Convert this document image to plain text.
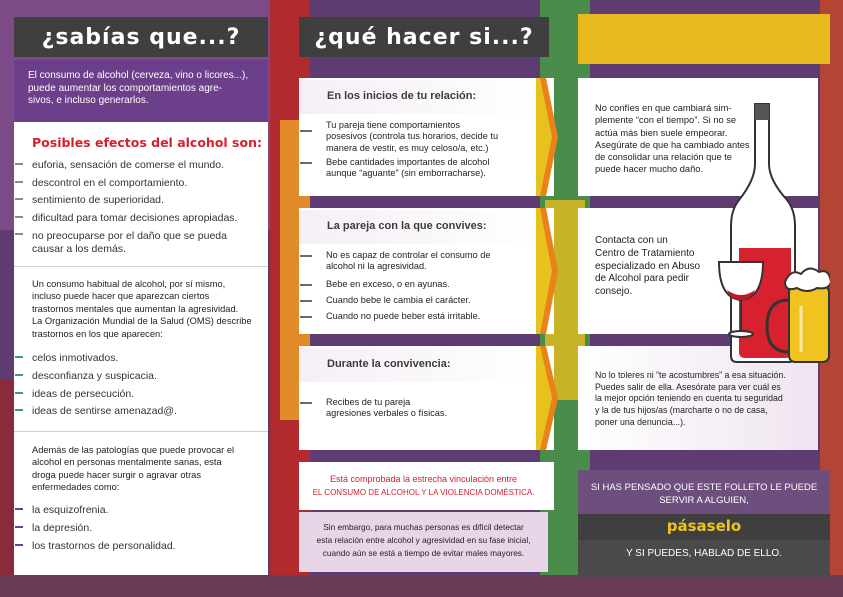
¿sabías que...?
El consumo de alcohol (cerveza, vino o licores...),
puede aumentar los comportamientos agre-
sivos, e incluso generarlos.
Posibles efectos del alcohol son:
euforia, sensación de comerse el mundo.
descontrol en el comportamiento.
sentimiento de superioridad.
dificultad para tomar decisiones apropiadas.
no preocuparse por el daño que se pueda
causar a los demás.
Un consumo habitual de alcohol, por sí mismo,
incluso puede hacer que aparezcan ciertos
trastornos mentales que aumentan la agresividad.
La Organización Mundial de la Salud (OMS) describe
trastornos en los que aparecen:
celos inmotivados.
desconfianza y suspicacia.
ideas de persecución.
ideas de sentirse amenazad@.
Además de las patologías que puede provocar el
alcohol en personas mentalmente sanas, esta
droga puede hacer surgir o agravar otras
enfermedades como:
la esquizofrenia.
la depresión.
los trastornos de personalidad.
¿qué hacer si...?
En los inicios de tu relación:
Tu pareja tiene comportamientos
posesivos (controla tus horarios, decide tu
manera de vestir, es muy celoso/a, etc.)
Bebe cantidades importantes de alcohol
aunque “aguante” (sin emborracharse).
La pareja con la que convives:
No es capaz de controlar el consumo de
alcohol ni la agresividad.
Bebe en exceso, o en ayunas.
Cuando bebe le cambia el carácter.
Cuando no puede beber está irritable.
Durante la convivencia:
Recibes de tu pareja
agresiones verbales o físicas.
Está comprobada la estrecha vinculación entre
EL CONSUMO DE ALCOHOL Y LA VIOLENCIA DOMÉSTICA.
Sin embargo, para muchas personas es difícil detectar
esta relación entre alcohol y agresividad en su fase inicial,
cuando aún se está a tiempo de evitar males mayores.
No confíes en que cambiará sim-
plemente “con el tiempo”. Si no se
actúa más bien suele empeorar.
Asegúrate de que ha cambiado antes
de consolidar una relación que te
puede hacer mucho daño.
Contacta con un
Centro de Tratamiento
especializado en Abuso
de Alcohol para pedir
consejo.
No lo toleres ni “te acostumbres” a esa situación.
Puedes salir de ella. Asesórate para ver cuál es
la mejor opción teniendo en cuenta tu seguridad
y la de tus hijos/as (marcharte o no de casa,
poner una denuncia...).
SI HAS PENSADO QUE ESTE FOLLETO LE PUEDE
SERVIR A ALGUIEN,
pásaselo
Y SI PUEDES, HABLAD DE ELLO.
